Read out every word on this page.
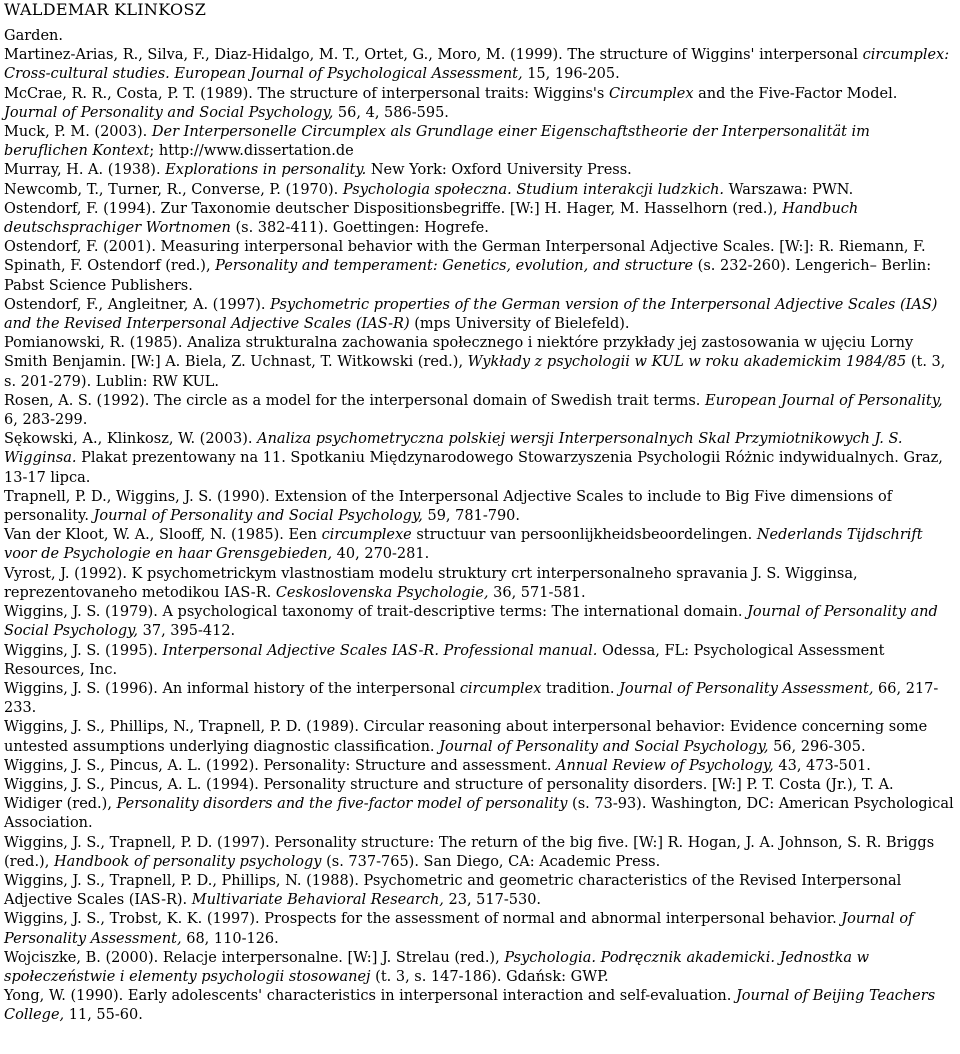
WALDEMAR KLINKOSZ

Garden.

Martinez-Arias, R., Silva, F., Diaz-Hidalgo, M. T., Ortet, G., Moro, M. (1999). The structure of Wiggins' interpersonal circumplex: Cross-cultural studies. European Journal of Psychological Assessment, 15, 196-205.

McCrae, R. R., Costa, P. T. (1989). The structure of interpersonal traits: Wiggins's Circumplex and the Five-Factor Model. Journal of Personality and Social Psychology, 56, 4, 586-595.

Muck, P. M. (2003). Der Interpersonelle Circumplex als Grundlage einer Eigenschaftstheorie der Interpersonalität im beruflichen Kontext; http://www.dissertation.de

Murray, H. A. (1938). Explorations in personality. New York: Oxford University Press.

Newcomb, T., Turner, R., Converse, P. (1970). Psychologia społeczna. Studium interakcji ludzkich. Warszawa: PWN.

Ostendorf, F. (1994). Zur Taxonomie deutscher Dispositionsbegriffe. [W:] H. Hager, M. Hasselhorn (red.), Handbuch deutschsprachiger Wortnomen (s. 382-411). Goettingen: Hogrefe.

Ostendorf, F. (2001). Measuring interpersonal behavior with the German Interpersonal Adjective Scales. [W:]: R. Riemann, F. Spinath, F. Ostendorf (red.), Personality and temperament: Genetics, evolution, and structure (s. 232-260). Lengerich– Berlin: Pabst Science Publishers.

Ostendorf, F., Angleitner, A. (1997). Psychometric properties of the German version of the Interpersonal Adjective Scales (IAS) and the Revised Interpersonal Adjective Scales (IAS-R) (mps University of Bielefeld).

Pomianowski, R. (1985). Analiza strukturalna zachowania społecznego i niektóre przykłady jej zastosowania w ujęciu Lorny Smith Benjamin. [W:] A. Biela, Z. Uchnast, T. Witkowski (red.), Wykłady z psychologii w KUL w roku akademickim 1984/85 (t. 3, s. 201-279). Lublin: RW KUL.

Rosen, A. S. (1992). The circle as a model for the interpersonal domain of Swedish trait terms. European Journal of Personality, 6, 283-299.

Sękowski, A., Klinkosz, W. (2003). Analiza psychometryczna polskiej wersji Interpersonalnych Skal Przymiotnikowych J. S. Wigginsa. Plakat prezentowany na 11. Spotkaniu Międzynarodowego Stowarzyszenia Psychologii Różnic indywidualnych. Graz, 13-17 lipca.

Trapnell, P. D., Wiggins, J. S. (1990). Extension of the Interpersonal Adjective Scales to include to Big Five dimensions of personality. Journal of Personality and Social Psychology, 59, 781-790.

Van der Kloot, W. A., Slooff, N. (1985). Een circumplexe structuur van persoonlijkheidsbeoordelingen. Nederlands Tijdschrift voor de Psychologie en haar Grensgebieden, 40, 270-281.

Vyrost, J. (1992). K psychometrickym vlastnostiam modelu struktury crt interpersonalneho spravania J. S. Wigginsa, reprezentovaneho metodikou IAS-R. Ceskoslovenska Psychologie, 36, 571-581.

Wiggins, J. S. (1979). A psychological taxonomy of trait-descriptive terms: The international domain. Journal of Personality and Social Psychology, 37, 395-412.

Wiggins, J. S. (1995). Interpersonal Adjective Scales IAS-R. Professional manual. Odessa, FL: Psychological Assessment Resources, Inc.

Wiggins, J. S. (1996). An informal history of the interpersonal circumplex tradition. Journal of Personality Assessment, 66, 217-233.

Wiggins, J. S., Phillips, N., Trapnell, P. D. (1989). Circular reasoning about interpersonal behavior: Evidence concerning some untested assumptions underlying diagnostic classification. Journal of Personality and Social Psychology, 56, 296-305.

Wiggins, J. S., Pincus, A. L. (1992). Personality: Structure and assessment. Annual Review of Psychology, 43, 473-501.

Wiggins, J. S., Pincus, A. L. (1994). Personality structure and structure of personality disorders. [W:] P. T. Costa (Jr.), T. A. Widiger (red.), Personality disorders and the five-factor model of personality (s. 73-93). Washington, DC: American Psychological Association.

Wiggins, J. S., Trapnell, P. D. (1997). Personality structure: The return of the big five. [W:] R. Hogan, J. A. Johnson, S. R. Briggs (red.), Handbook of personality psychology (s. 737-765). San Diego, CA: Academic Press.

Wiggins, J. S., Trapnell, P. D., Phillips, N. (1988). Psychometric and geometric characteristics of the Revised Interpersonal Adjective Scales (IAS-R). Multivariate Behavioral Research, 23, 517-530.

Wiggins, J. S., Trobst, K. K. (1997). Prospects for the assessment of normal and abnormal interpersonal behavior. Journal of Personality Assessment, 68, 110-126.

Wojciszke, B. (2000). Relacje interpersonalne. [W:] J. Strelau (red.), Psychologia. Podręcznik akademicki. Jednostka w społeczeństwie i elementy psychologii stosowanej (t. 3, s. 147-186). Gdańsk: GWP.

Yong, W. (1990). Early adolescents' characteristics in interpersonal interaction and self-evaluation. Journal of Beijing Teachers College, 11, 55-60.
